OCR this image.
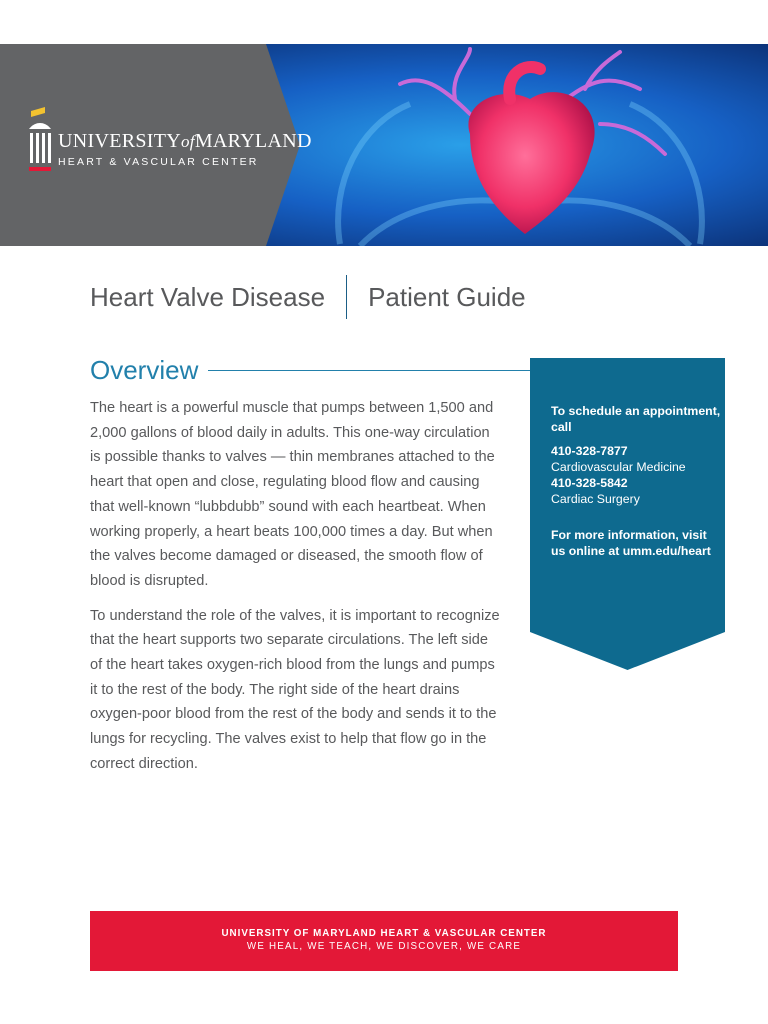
UNIVERSITYofMARYLAND
HEART & VASCULAR CENTER
Heart Valve Disease Patient Guide
Overview

The heart is a powerful muscle that pumps between 1,500 and 2,000 gallons of blood daily in adults. This one-way circulation is possible thanks to valves — thin membranes attached to the heart that open and close, regulating blood flow and causing that well-known “lubbdubb” sound with each heartbeat. When working properly, a heart beats 100,000 times a day. But when the valves become damaged or diseased, the smooth flow of blood is disrupted.

To understand the role of the valves, it is important to recognize that the heart supports two separate circulations. The left side of the heart takes oxygen-rich blood from the lungs and pumps it to the rest of the body. The right side of the heart drains oxygen-poor blood from the rest of the body and sends it to the lungs for recycling. The valves exist to help that flow go in the correct direction.

To schedule an appointment, call
410-328-7877
Cardiovascular Medicine
410-328-5842
Cardiac Surgery
For more information, visit us online at umm.edu/heart
UNIVERSITY OF MARYLAND HEART & VASCULAR CENTER
WE HEAL, WE TEACH, WE DISCOVER, WE CARE
